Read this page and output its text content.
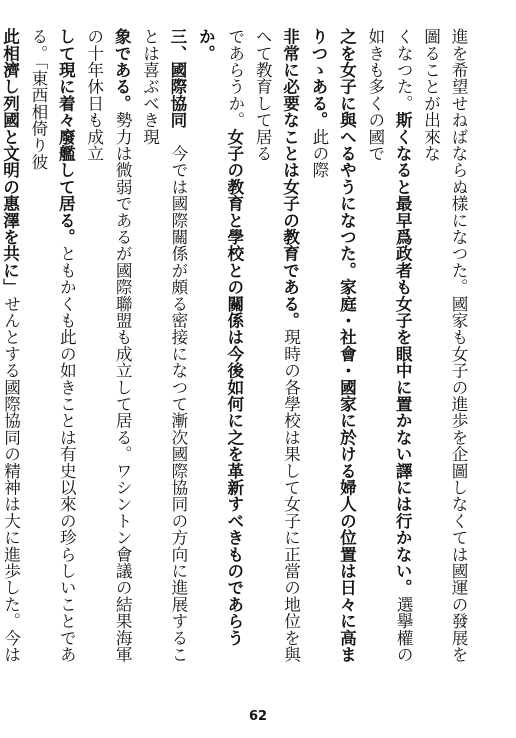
進を希望せねばならぬ樣になつた。國家も女子の進歩を企圖しなくては國運の發展を圖ることが出來な
くなつた。斯くなると最早爲政者も女子を眼中に置かない譯には行かない。選擧權の如きも多くの國で
之を女子に與へるやうになつた。家庭・社會・國家に於ける婦人の位置は日々に高まりつゝある。此の際
非常に必要なことは女子の教育である。現時の各學校は果して女子に正當の地位を與へて教育して居る
であらうか。女子の教育と學校との關係は今後如何に之を革新すべきものであらうか。
三、國際協同　今では國際關係が頗る密接になつて漸次國際協同の方向に進展することは喜ぶべき現
象である。勢力は微弱であるが國際聯盟も成立して居る。ワシントン會議の結果海軍の十年休日も成立
して現に着々廢艦して居る。ともかくも此の如きことは有史以來の珍らしいことである。「東西相倚り彼
此相濟し列國と文明の惠澤を共に」せんとする國際協同の精神は大に進歩した。今は
62
